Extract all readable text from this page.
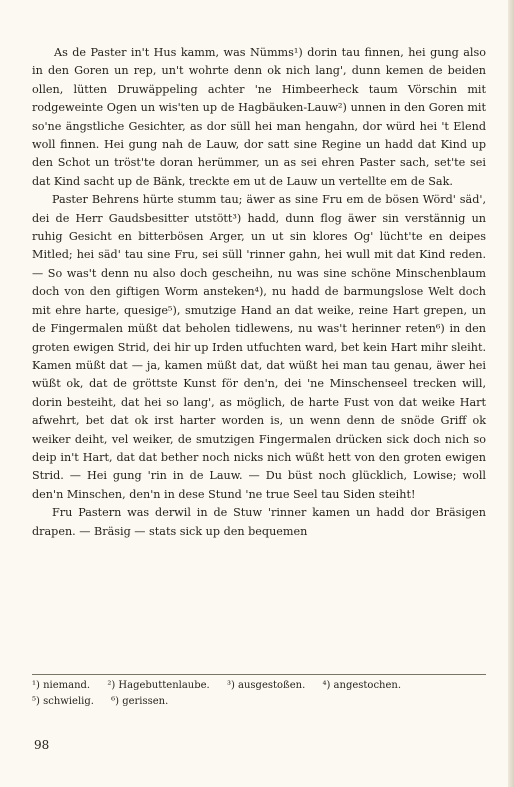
As de Paster in't Hus kamm, was Nümms¹) dorin tau finnen, hei gung also in den Goren un rep, un't wohrte denn ok nich lang', dunn kemen de beiden ollen, lütten Druwäppeling achter 'ne Himbeerheck taum Vörschin mit rodgeweinte Ogen un wis'ten up de Hagbäuken-Lauw²) unnen in den Goren mit so'ne ängstliche Gesichter, as dor süll hei man hengahn, dor würd hei 't Elend woll finnen. Hei gung nah de Lauw, dor satt sine Regine un hadd dat Kind up den Schot un tröst'te doran herümmer, un as sei ehren Paster sach, set'te sei dat Kind sacht up de Bänk, treckte em ut de Lauw un vertellte em de Sak.

Paster Behrens hürte stumm tau; äwer as sine Fru em de bösen Wörd' säd', dei de Herr Gaudsbesitter utstött³) hadd, dunn flog äwer sin verstännig un ruhig Gesicht en bitterbösen Arger, un ut sin klores Og' lücht'te en deipes Mitled; hei säd' tau sine Fru, sei süll 'rinner gahn, hei wull mit dat Kind reden. — So was't denn nu also doch gescheihn, nu was sine schöne Minschenblaum doch von den giftigen Worm ansteken⁴), nu hadd de barmungslose Welt doch mit ehre harte, quesige⁵), smutzige Hand an dat weike, reine Hart grepen, un de Fingermalen müßt dat beholen tidlewens, nu was't herinner reten⁶) in den groten ewigen Strid, dei hir up Irden utfuchten ward, bet kein Hart mihr sleiht. Kamen müßt dat — ja, kamen müßt dat, dat wüßt hei man tau genau, äwer hei wüßt ok, dat de gröttste Kunst för den'n, dei 'ne Minschenseel trecken will, dorin besteiht, dat hei so lang', as möglich, de harte Fust von dat weike Hart afwehrt, bet dat ok irst harter worden is, un wenn denn de snöde Griff ok weiker deiht, vel weiker, de smutzigen Fingermalen drücken sick doch nich so deip in't Hart, dat dat bether noch nicks nich wüßt hett von den groten ewigen Strid. — Hei gung 'rin in de Lauw. — Du büst noch glücklich, Lowise; woll den'n Minschen, den'n in dese Stund 'ne true Seel tau Siden steiht!

Fru Pastern was derwil in de Stuw 'rinner kamen un hadd dor Bräsigen drapen. — Bräsig — stats sick up den bequemen

¹) niemand. ²) Hagebuttenlaube. ³) ausgestoßen. ⁴) angestochen.
⁵) schwielig. ⁶) gerissen.
98
